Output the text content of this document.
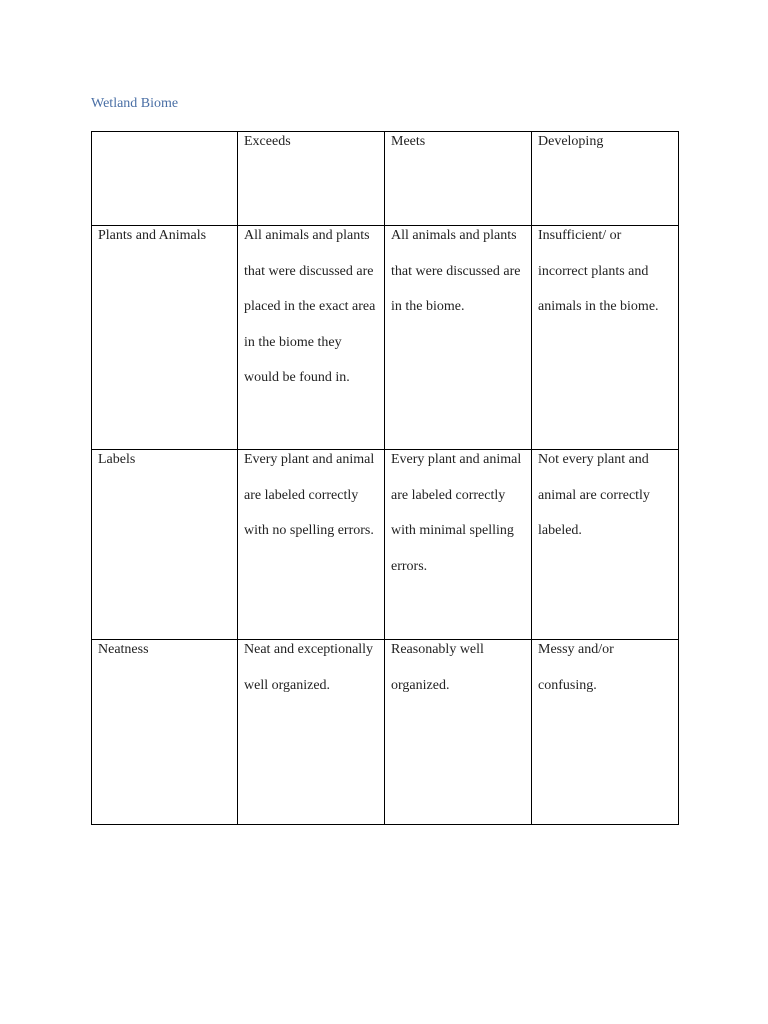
Wetland Biome
	Exceeds	Meets	Developing
Plants and Animals	All animals and plants that were discussed are placed in the exact area in the biome they would be found in.	All animals and plants that were discussed are in the biome.	Insufficient/ or incorrect plants and animals in the biome.

Labels	Every plant and animal are labeled correctly with no spelling errors.	Every plant and animal are labeled correctly with minimal spelling errors.	Not every plant and animal are correctly labeled.

Neatness	Neat and exceptionally well organized.	Reasonably well organized.	Messy and/or confusing.
